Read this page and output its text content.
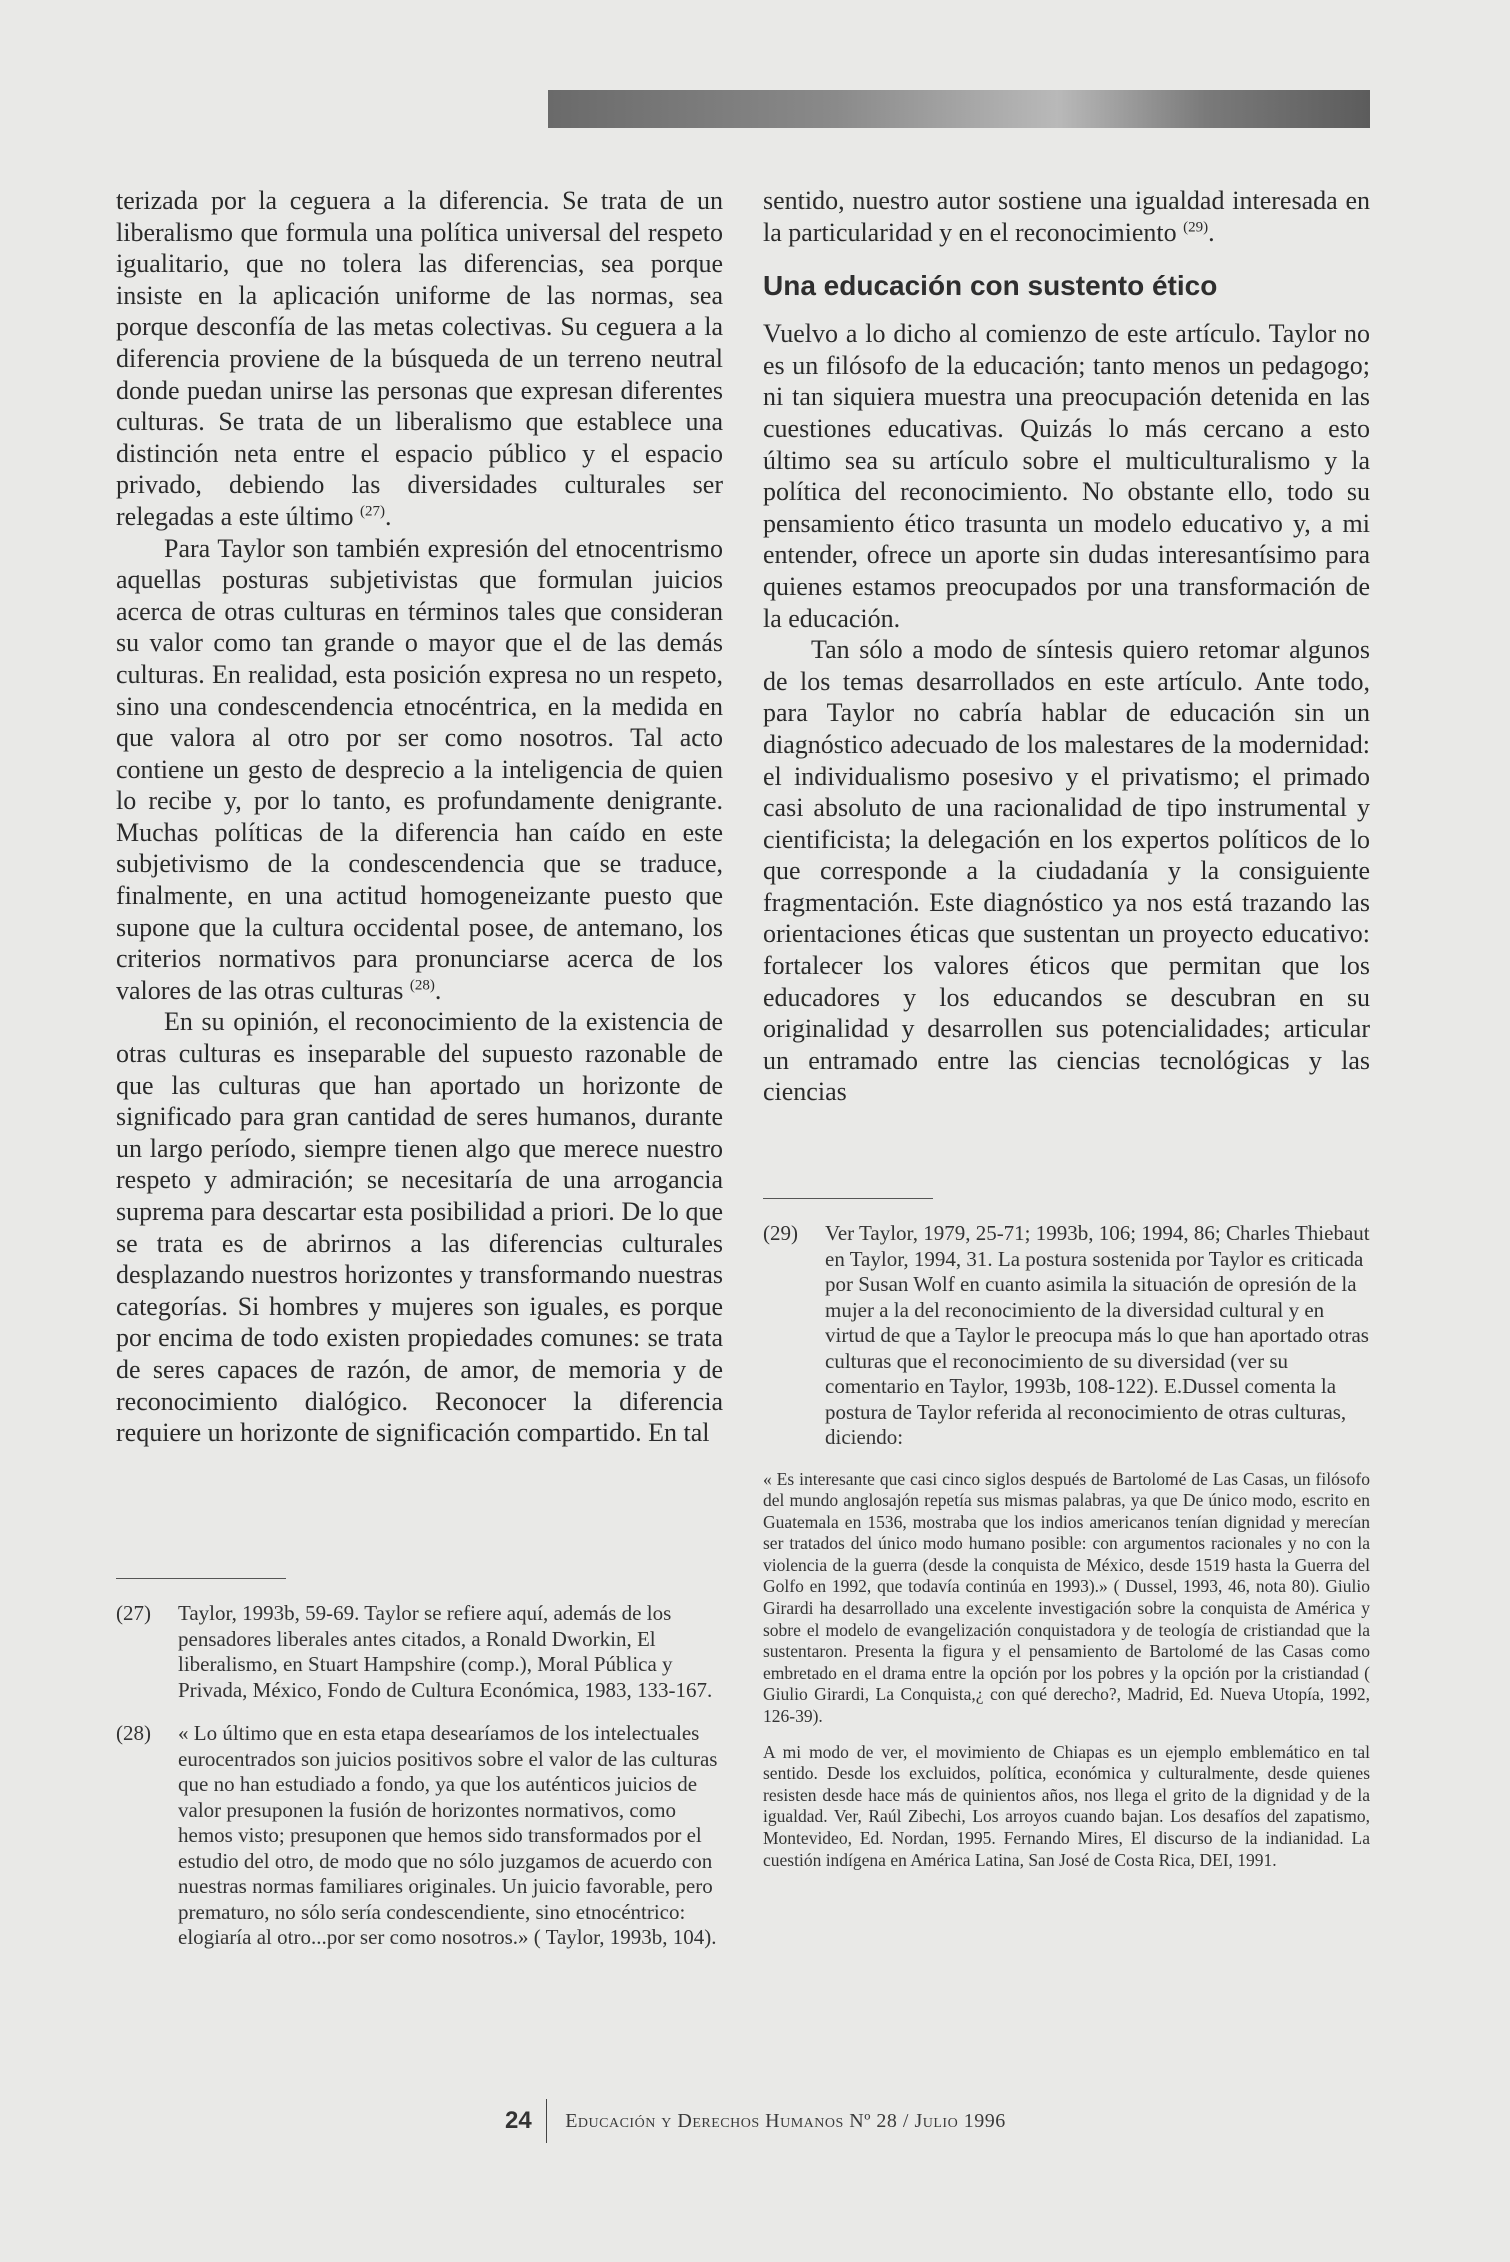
terizada por la ceguera a la diferencia. Se trata de un liberalismo que formula una política universal del respeto igualitario, que no tolera las diferencias, sea porque insiste en la aplicación uniforme de las normas, sea porque desconfía de las metas colectivas. Su ceguera a la diferencia proviene de la búsqueda de un terreno neutral donde puedan unirse las personas que expresan diferentes culturas. Se trata de un liberalismo que establece una distinción neta entre el espacio público y el espacio privado, debiendo las diversidades culturales ser relegadas a este último $^{(27)}$.

Para Taylor son también expresión del etnocentrismo aquellas posturas subjetivistas que formulan juicios acerca de otras culturas en términos tales que consideran su valor como tan grande o mayor que el de las demás culturas. En realidad, esta posición expresa no un respeto, sino una condescendencia etnocéntrica, en la medida en que valora al otro por ser como nosotros. Tal acto contiene un gesto de desprecio a la inteligencia de quien lo recibe y, por lo tanto, es profundamente denigrante. Muchas políticas de la diferencia han caído en este subjetivismo de la condescendencia que se traduce, finalmente, en una actitud homogeneizante puesto que supone que la cultura occidental posee, de antemano, los criterios normativos para pronunciarse acerca de los valores de las otras culturas $^{(28)}$.

En su opinión, el reconocimiento de la existencia de otras culturas es inseparable del supuesto razonable de que las culturas que han aportado un horizonte de significado para gran cantidad de seres humanos, durante un largo período, siempre tienen algo que merece nuestro respeto y admiración; se necesitaría de una arrogancia suprema para descartar esta posibilidad a priori. De lo que se trata es de abrirnos a las diferencias culturales desplazando nuestros horizontes y transformando nuestras categorías. Si hombres y mujeres son iguales, es porque por encima de todo existen propiedades comunes: se trata de seres capaces de razón, de amor, de memoria y de reconocimiento dialógico. Reconocer la diferencia requiere un horizonte de significación compartido. En tal

(27)	Taylor, 1993b, 59-69. Taylor se refiere aquí, además de los pensadores liberales antes citados, a Ronald Dworkin, El liberalismo, en Stuart Hampshire (comp.), Moral Pública y Privada, México, Fondo de Cultura Económica, 1983, 133-167.
(28)	« Lo último que en esta etapa desearíamos de los intelectuales eurocentrados son juicios positivos sobre el valor de las culturas que no han estudiado a fondo, ya que los auténticos juicios de valor presuponen la fusión de horizontes normativos, como hemos visto; presuponen que hemos sido transformados por el estudio del otro, de modo que no sólo juzgamos de acuerdo con nuestras normas familiares originales. Un juicio favorable, pero prematuro, no sólo sería condescendiente, sino etnocéntrico: elogiaría al otro...por ser como nosotros.» ( Taylor, 1993b, 104).

sentido, nuestro autor sostiene una igualdad interesada en la particularidad y en el reconocimiento $^{(29)}$.

Una educación con sustento ético

Vuelvo a lo dicho al comienzo de este artículo. Taylor no es un filósofo de la educación; tanto menos un pedagogo; ni tan siquiera muestra una preocupación detenida en las cuestiones educativas. Quizás lo más cercano a esto último sea su artículo sobre el multiculturalismo y la política del reconocimiento. No obstante ello, todo su pensamiento ético trasunta un modelo educativo y, a mi entender, ofrece un aporte sin dudas interesantísimo para quienes estamos preocupados por una transformación de la educación.

Tan sólo a modo de síntesis quiero retomar algunos de los temas desarrollados en este artículo. Ante todo, para Taylor no cabría hablar de educación sin un diagnóstico adecuado de los malestares de la modernidad: el individualismo posesivo y el privatismo; el primado casi absoluto de una racionalidad de tipo instrumental y cientificista; la delegación en los expertos políticos de lo que corresponde a la ciudadanía y la consiguiente fragmentación. Este diagnóstico ya nos está trazando las orientaciones éticas que sustentan un proyecto educativo: fortalecer los valores éticos que permitan que los educadores y los educandos se descubran en su originalidad y desarrollen sus potencialidades; articular un entramado entre las ciencias tecnológicas y las ciencias

(29)	Ver Taylor, 1979, 25-71; 1993b, 106; 1994, 86; Charles Thiebaut en Taylor, 1994, 31. La postura sostenida por Taylor es criticada por Susan Wolf en cuanto asimila la situación de opresión de la mujer a la del reconocimiento de la diversidad cultural y en virtud de que a Taylor le preocupa más lo que han aportado otras culturas que el reconocimiento de su diversidad (ver su comentario en Taylor, 1993b, 108-122). E.Dussel comenta la postura de Taylor referida al reconocimiento de otras culturas, diciendo:

« Es interesante que casi cinco siglos después de Bartolomé de Las Casas, un filósofo del mundo anglosajón repetía sus mismas palabras, ya que De único modo, escrito en Guatemala en 1536, mostraba que los indios americanos tenían dignidad y merecían ser tratados del único modo humano posible: con argumentos racionales y no con la violencia de la guerra (desde la conquista de México, desde 1519 hasta la Guerra del Golfo en 1992, que todavía continúa en 1993).» ( Dussel, 1993, 46, nota 80). Giulio Girardi ha desarrollado una excelente investigación sobre la conquista de América y sobre el modelo de evangelización conquistadora y de teología de cristiandad que la sustentaron. Presenta la figura y el pensamiento de Bartolomé de las Casas como embretado en el drama entre la opción por los pobres y la opción por la cristiandad ( Giulio Girardi, La Conquista,¿ con qué derecho?, Madrid, Ed. Nueva Utopía, 1992, 126-39).

A mi modo de ver, el movimiento de Chiapas es un ejemplo emblemático en tal sentido. Desde los excluidos, política, económica y culturalmente, desde quienes resisten desde hace más de quinientos años, nos llega el grito de la dignidad y de la igualdad. Ver, Raúl Zibechi, Los arroyos cuando bajan. Los desafíos del zapatismo, Montevideo, Ed. Nordan, 1995. Fernando Mires, El discurso de la indianidad. La cuestión indígena en América Latina, San José de Costa Rica, DEI, 1991.

24	Educación y Derechos Humanos Nº 28 / Julio 1996
